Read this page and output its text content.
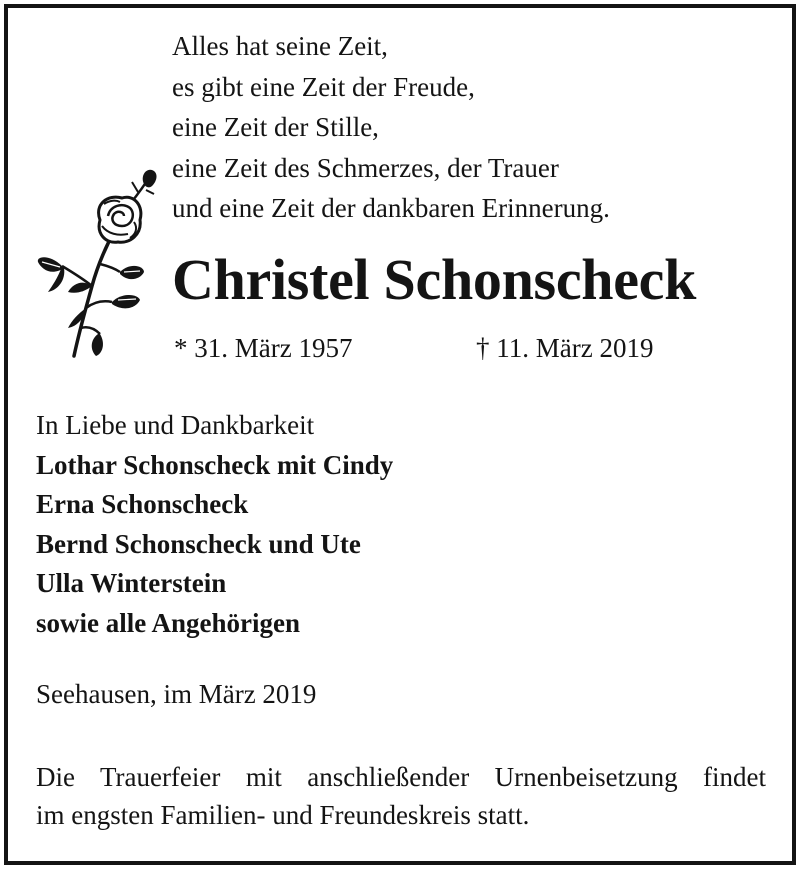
Alles hat seine Zeit,
es gibt eine Zeit der Freude,
eine Zeit der Stille,
eine Zeit des Schmerzes, der Trauer
und eine Zeit der dankbaren Erinnerung.
Christel Schonscheck
* 31. März 1957	† 11. März 2019
In Liebe und Dankbarkeit
Lothar Schonscheck mit Cindy
Erna Schonscheck
Bernd Schonscheck und Ute
Ulla Winterstein
sowie alle Angehörigen
Seehausen, im März 2019
Die Trauerfeier mit anschließender Urnenbeisetzung findet
im engsten Familien- und Freundeskreis statt.
